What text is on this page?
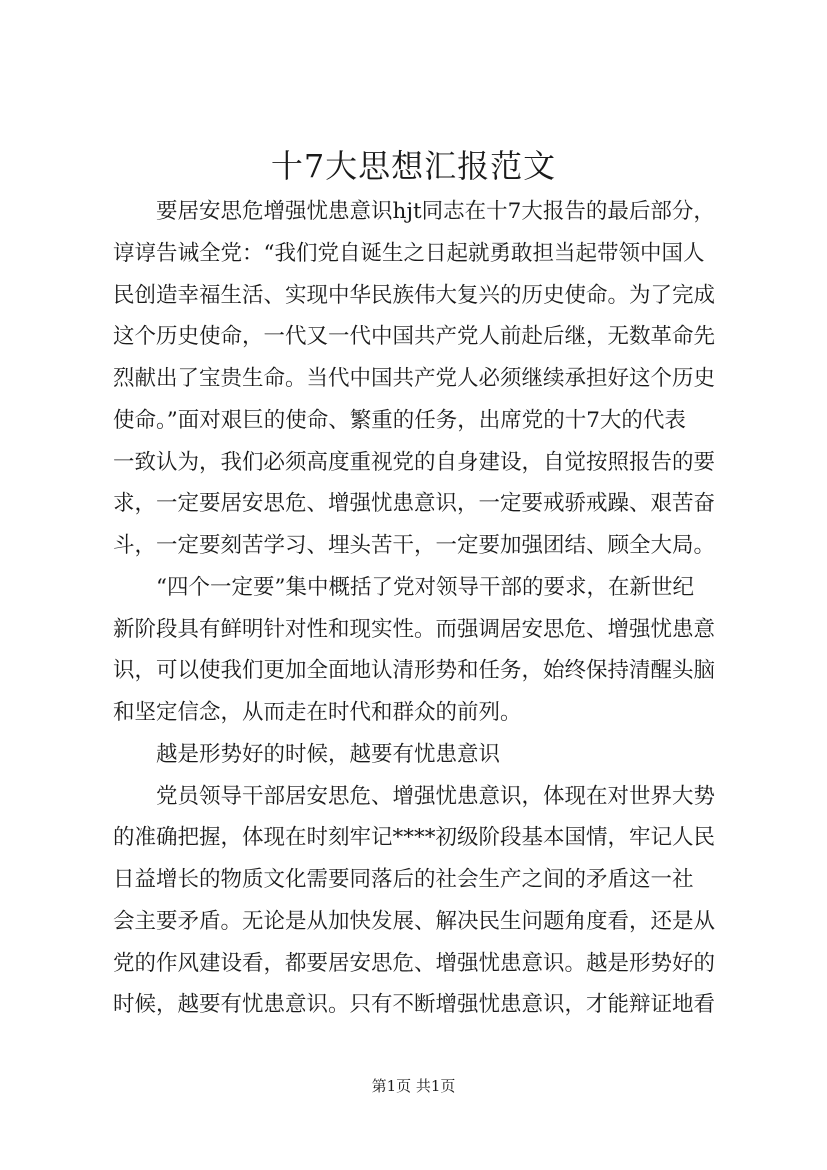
十7大思想汇报范文
要居安思危增强忧患意识hjt同志在十7大报告的最后部分，
谆谆告诫全党：“我们党自诞生之日起就勇敢担当起带领中国人
民创造幸福生活、实现中华民族伟大复兴的历史使命。为了完成
这个历史使命，一代又一代中国共产党人前赴后继，无数革命先
烈献出了宝贵生命。当代中国共产党人必须继续承担好这个历史
使命。”面对艰巨的使命、繁重的任务，出席党的十7大的代表
一致认为，我们必须高度重视党的自身建设，自觉按照报告的要
求，一定要居安思危、增强忧患意识，一定要戒骄戒躁、艰苦奋
斗，一定要刻苦学习、埋头苦干，一定要加强团结、顾全大局。
“四个一定要”集中概括了党对领导干部的要求，在新世纪
新阶段具有鲜明针对性和现实性。而强调居安思危、增强忧患意
识，可以使我们更加全面地认清形势和任务，始终保持清醒头脑
和坚定信念，从而走在时代和群众的前列。
越是形势好的时候，越要有忧患意识
党员领导干部居安思危、增强忧患意识，体现在对世界大势
的准确把握，体现在时刻牢记****初级阶段基本国情，牢记人民
日益增长的物质文化需要同落后的社会生产之间的矛盾这一社
会主要矛盾。无论是从加快发展、解决民生问题角度看，还是从
党的作风建设看，都要居安思危、增强忧患意识。越是形势好的
时候，越要有忧患意识。只有不断增强忧患意识，才能辩证地看
第1页 共1页
